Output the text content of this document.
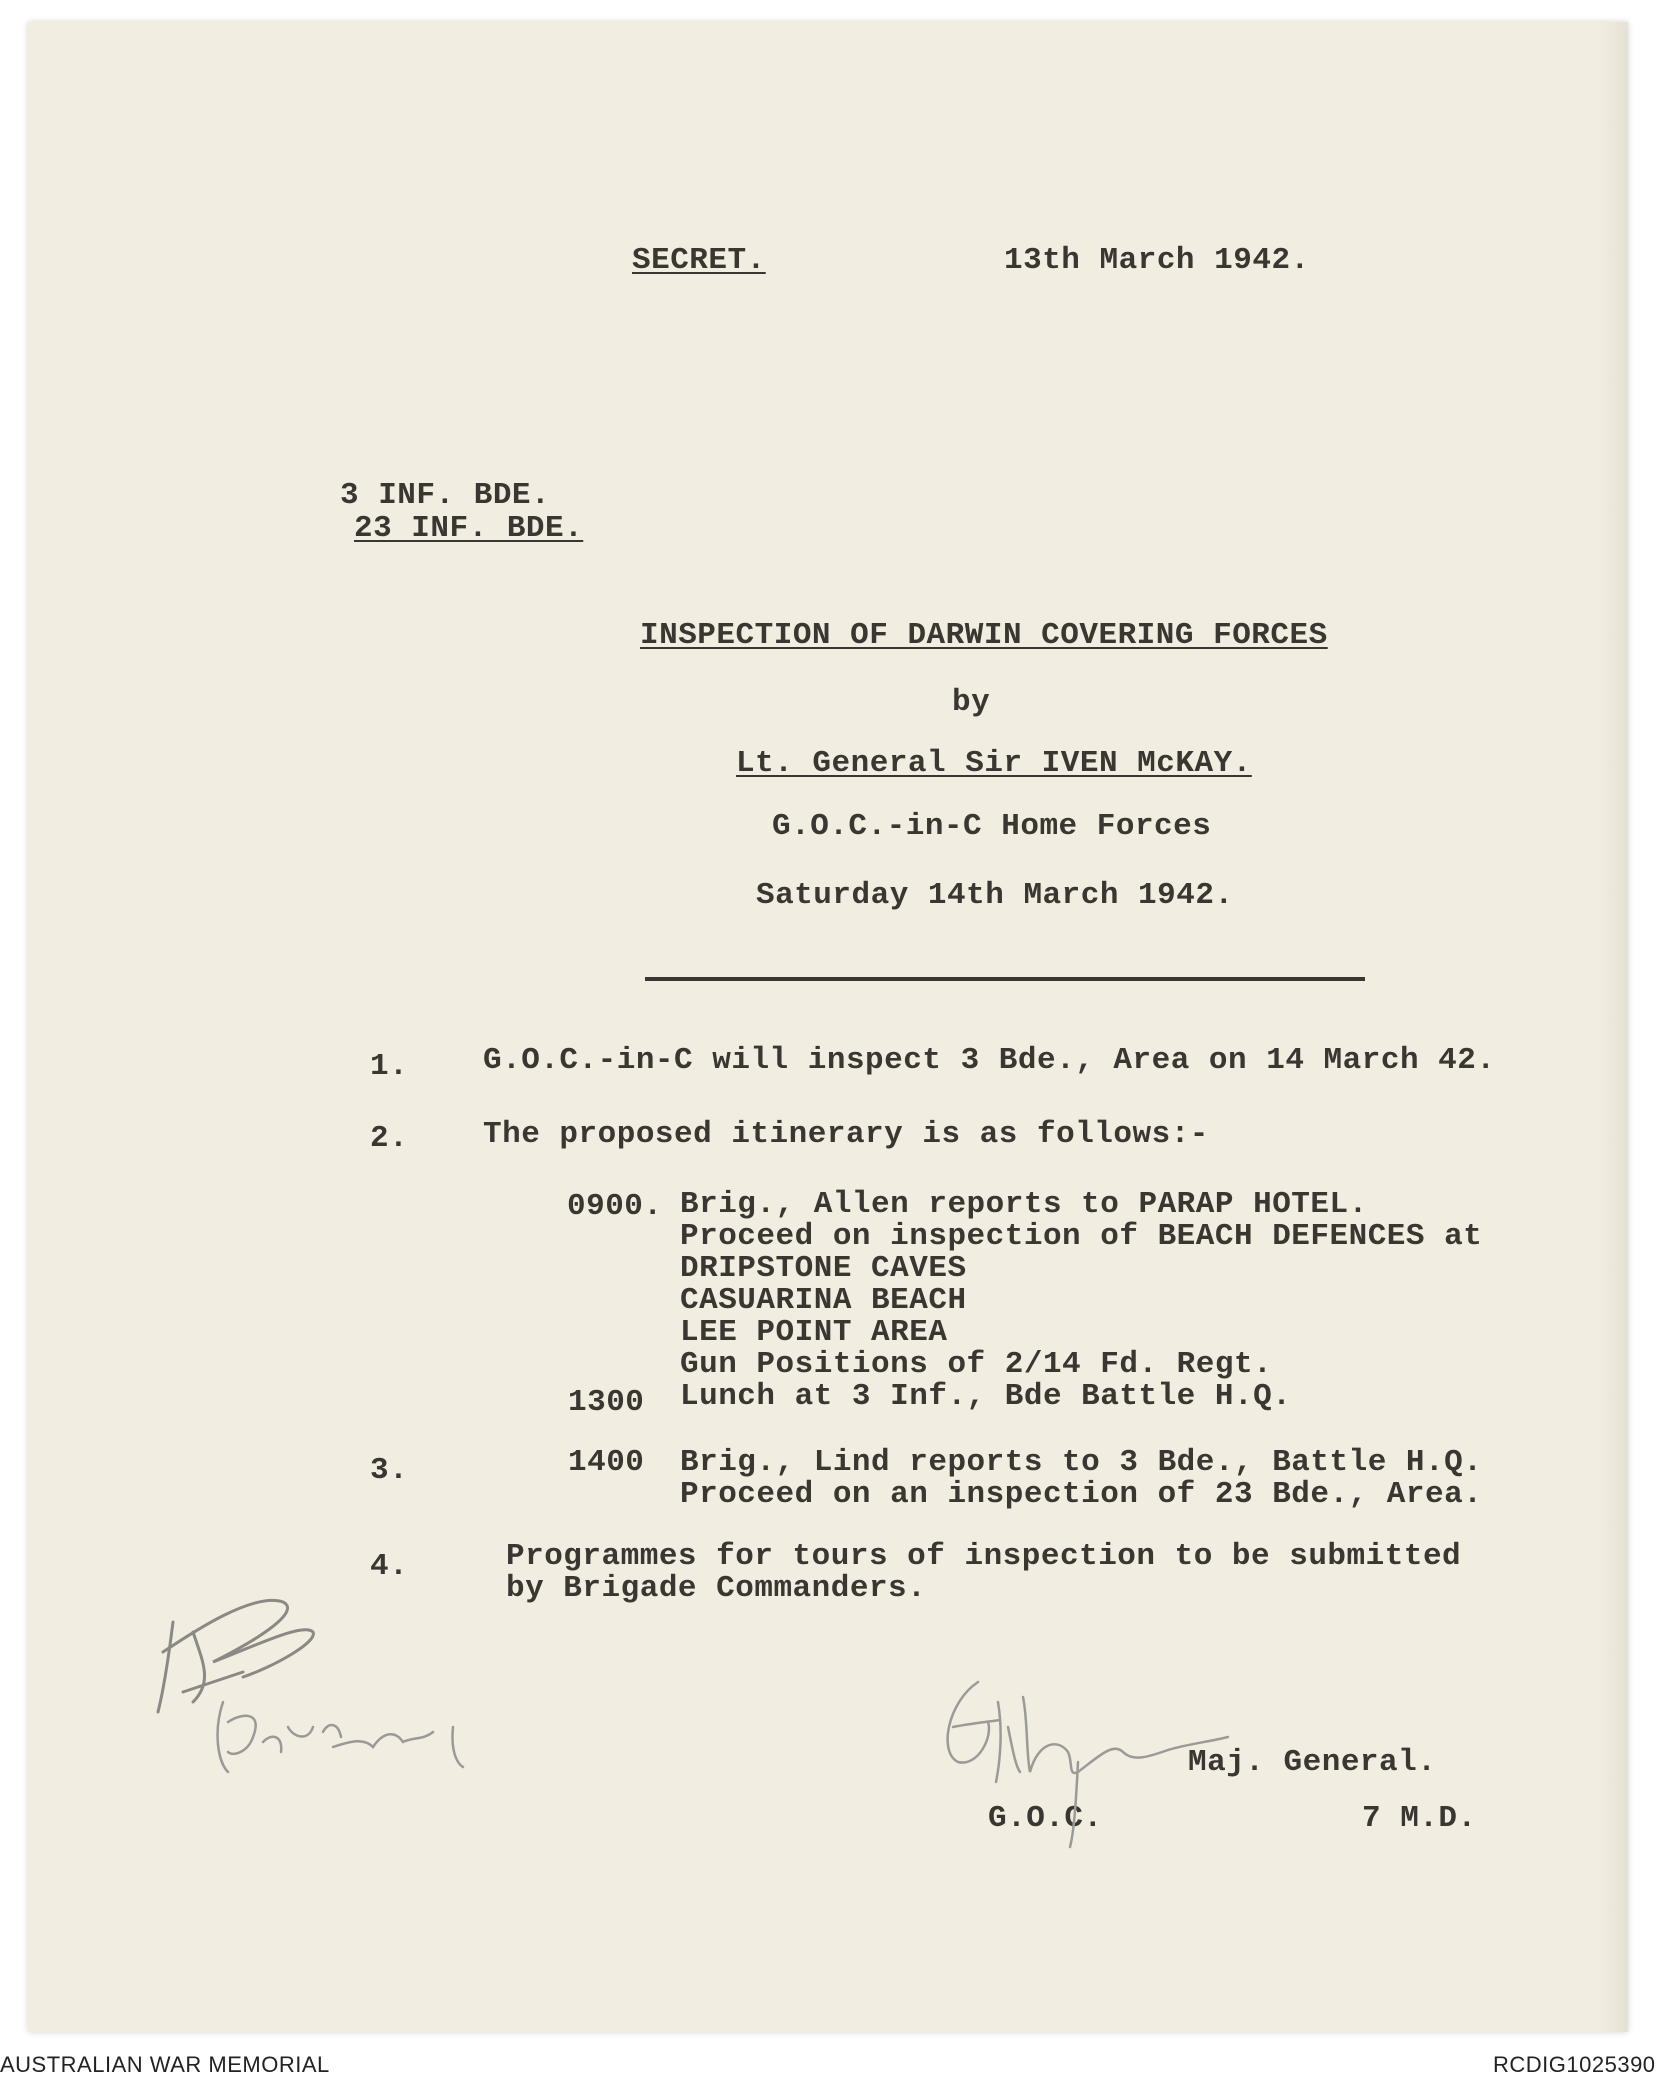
SECRET.	13th March 1942.
3 INF. BDE.
23 INF. BDE.
INSPECTION OF DARWIN COVERING FORCES
by
Lt. General Sir IVEN McKAY.
G.O.C.-in-C Home Forces
Saturday 14th March 1942.
1. G.O.C.-in-C will inspect 3 Bde., Area on 14 March 42.
2. The proposed itinerary is as follows:-
0900. Brig., Allen reports to PARAP HOTEL.
Proceed on inspection of BEACH DEFENCES at
DRIPSTONE CAVES
CASUARINA BEACH
LEE POINT AREA
Gun Positions of 2/14 Fd. Regt.
1300 Lunch at 3 Inf., Bde Battle H.Q.
3.	1400 Brig., Lind reports to 3 Bde., Battle H.Q.
Proceed on an inspection of 23 Bde., Area.
4.	Programmes for tours of inspection to be submitted
by Brigade Commanders.
Maj. General.
G.O.C.	7 M.D.
AUSTRALIAN WAR MEMORIAL	RCDIG1025390
